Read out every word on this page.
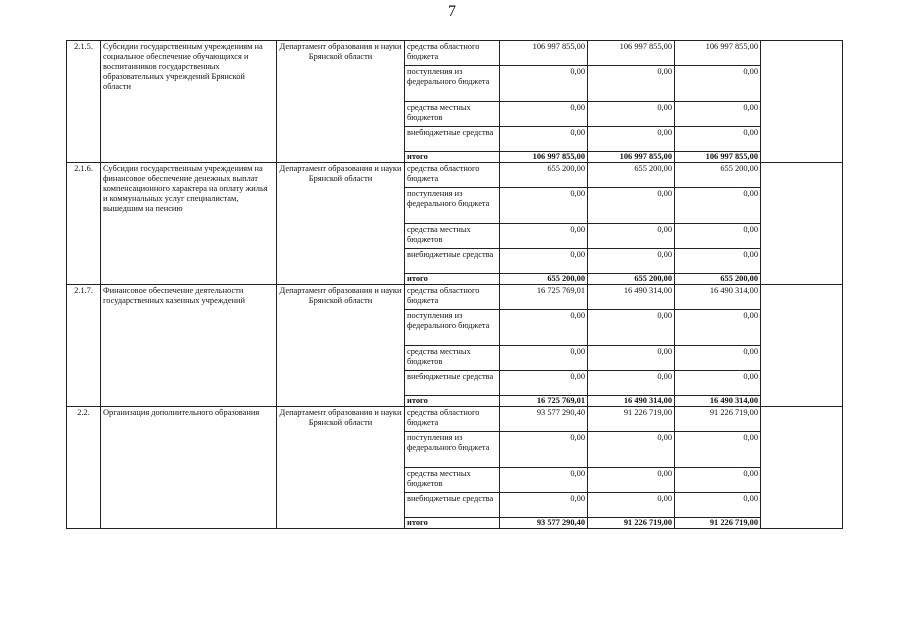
7
2.1.5.	Субсидии государственным учреждениям на социальное обеспечение обучающихся и воспитанников государственных образовательных учреждений Брянской области	Департамент образования и науки Брянской области	средства областного бюджета	106 997 855,00	106 997 855,00	106 997 855,00	
			поступления из федерального бюджета	0,00	0,00	0,00	
			средства местных бюджетов	0,00	0,00	0,00	
			внебюджетные средства	0,00	0,00	0,00	
			итого	106 997 855,00	106 997 855,00	106 997 855,00	
2.1.6.	Субсидии государственным учреждениям на финансовое обеспечение денежных выплат компенсационного характера на оплату жилья и коммунальных услуг специалистам, вышедшим на пенсию	Департамент образования и науки Брянской области	средства областного бюджета	655 200,00	655 200,00	655 200,00	
			поступления из федерального бюджета	0,00	0,00	0,00	
			средства местных бюджетов	0,00	0,00	0,00	
			внебюджетные средства	0,00	0,00	0,00	
			итого	655 200,00	655 200,00	655 200,00	
2.1.7.	Финансовое обеспечение деятельности государственных казенных учреждений	Департамент образования и науки Брянской области	средства областного бюджета	16 725 769,01	16 490 314,00	16 490 314,00	
			поступления из федерального бюджета	0,00	0,00	0,00	
			средства местных бюджетов	0,00	0,00	0,00	
			внебюджетные средства	0,00	0,00	0,00	
			итого	16 725 769,01	16 490 314,00	16 490 314,00	
2.2.	Организация дополнительного образования	Департамент образования и науки Брянской области	средства областного бюджета	93 577 290,40	91 226 719,00	91 226 719,00	
			поступления из федерального бюджета	0,00	0,00	0,00	
			средства местных бюджетов	0,00	0,00	0,00	
			внебюджетные средства	0,00	0,00	0,00	
			итого	93 577 290,40	91 226 719,00	91 226 719,00	
